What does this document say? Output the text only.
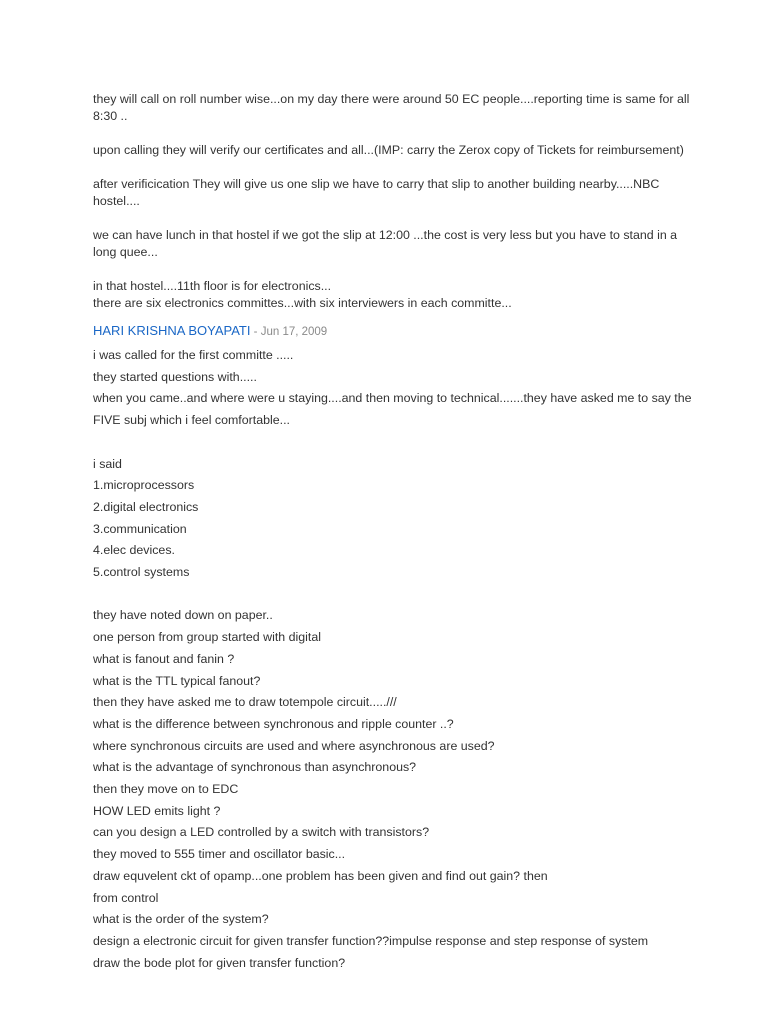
they will call on roll number wise...on my day there were around 50 EC people....reporting time is same for all 8:30 ..

upon calling they will verify our certificates and all...(IMP: carry the Zerox copy of Tickets for reimbursement)

after verificication They will give us one slip we have to carry that slip to another building nearby.....NBC hostel....

we can have lunch in that hostel if we got the slip at 12:00 ...the cost is very less but you have to stand in a long quee...

in that hostel....11th floor is for electronics...

there are six electronics committes...with six interviewers in each committe...

HARI KRISHNA BOYAPATI - Jun 17, 2009
i was called for the first committe .....
they started questions with.....
when you came..and where were u staying....and then moving to technical.......they have asked me to say the FIVE subj which i feel comfortable...
i said
1.microprocessors
2.digital electronics
3.communication
4.elec devices.
5.control systems
they have noted down on paper..
one person from group started with digital
what is fanout and fanin ?
what is the TTL typical fanout?
then they have asked me to draw totempole circuit.....///
what is the difference between synchronous and ripple counter ..?
where synchronous circuits are used and where asynchronous are used?
what is the advantage of synchronous than asynchronous?
then they move on to EDC
HOW LED emits light ?
can you design a LED controlled by a switch with transistors?
they moved to 555 timer and oscillator basic...
draw equvelent ckt of opamp...one problem has been given and find out gain? then
from control
what is the order of the system?
design a electronic circuit for given transfer function??impulse response and step response of system
draw the bode plot for given transfer function?
